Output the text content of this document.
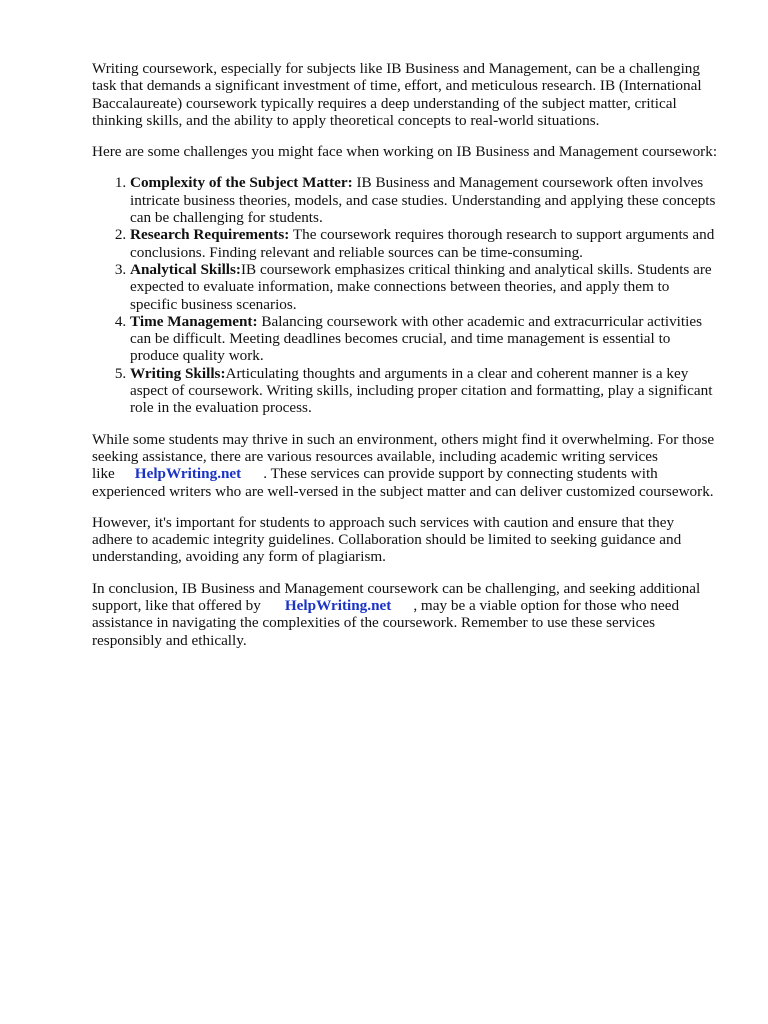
Writing coursework, especially for subjects like IB Business and Management, can be a challenging task that demands a significant investment of time, effort, and meticulous research. IB (International Baccalaureate) coursework typically requires a deep understanding of the subject matter, critical thinking skills, and the ability to apply theoretical concepts to real-world situations.

Here are some challenges you might face when working on IB Business and Management coursework:

1. Complexity of the Subject Matter: IB Business and Management coursework often involves intricate business theories, models, and case studies. Understanding and applying these concepts can be challenging for students.
2. Research Requirements: The coursework requires thorough research to support arguments and conclusions. Finding relevant and reliable sources can be time-consuming.
3. Analytical Skills:IB coursework emphasizes critical thinking and analytical skills. Students are expected to evaluate information, make connections between theories, and apply them to specific business scenarios.
4. Time Management: Balancing coursework with other academic and extracurricular activities can be difficult. Meeting deadlines becomes crucial, and time management is essential to produce quality work.
5. Writing Skills:Articulating thoughts and arguments in a clear and coherent manner is a key aspect of coursework. Writing skills, including proper citation and formatting, play a significant role in the evaluation process.

While some students may thrive in such an environment, others might find it overwhelming. For those seeking assistance, there are various resources available, including academic writing services like HelpWriting.net . These services can provide support by connecting students with experienced writers who are well-versed in the subject matter and can deliver customized coursework.

However, it's important for students to approach such services with caution and ensure that they adhere to academic integrity guidelines. Collaboration should be limited to seeking guidance and understanding, avoiding any form of plagiarism.

In conclusion, IB Business and Management coursework can be challenging, and seeking additional support, like that offered by HelpWriting.net , may be a viable option for those who need assistance in navigating the complexities of the coursework. Remember to use these services responsibly and ethically.
